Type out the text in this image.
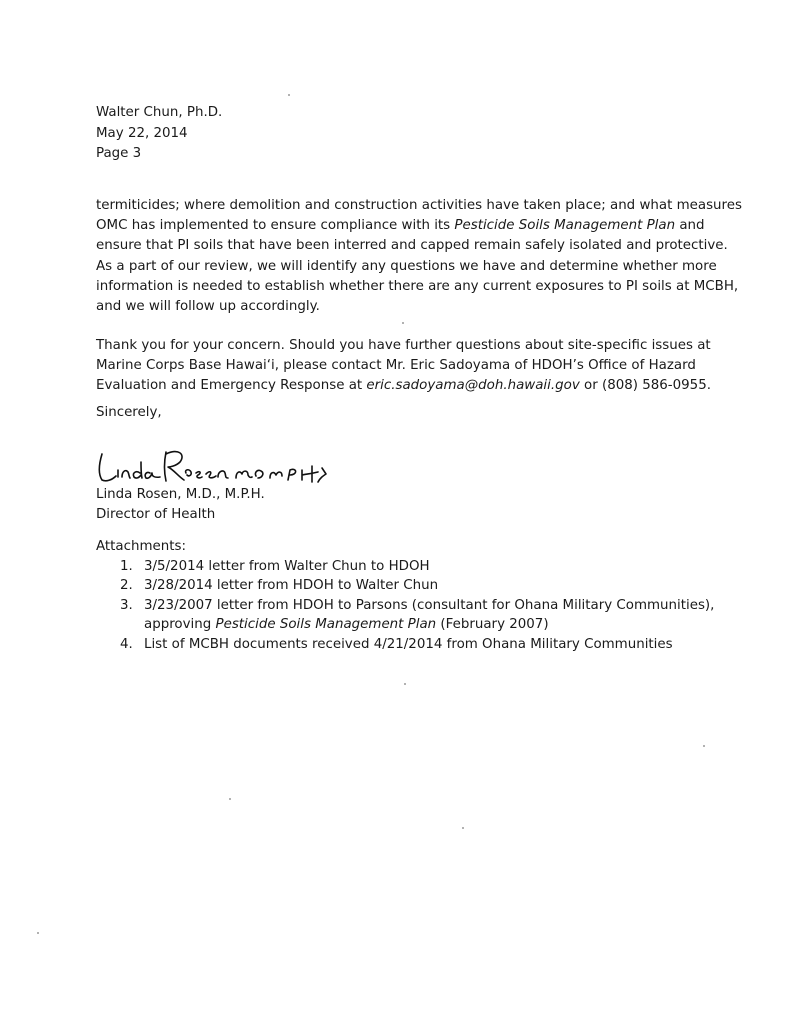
Walter Chun, Ph.D.
May 22, 2014
Page 3
termiticides; where demolition and construction activities have taken place; and what measures
OMC has implemented to ensure compliance with its Pesticide Soils Management Plan and
ensure that PI soils that have been interred and capped remain safely isolated and protective.
As a part of our review, we will identify any questions we have and determine whether more
information is needed to establish whether there are any current exposures to PI soils at MCBH,
and we will follow up accordingly.
Thank you for your concern. Should you have further questions about site-specific issues at
Marine Corps Base Hawai‘i, please contact Mr. Eric Sadoyama of HDOH’s Office of Hazard
Evaluation and Emergency Response at eric.sadoyama@doh.hawaii.gov or (808) 586-0955.
Sincerely,
Linda Rosen, M.D., M.P.H.
Director of Health
Attachments:
1. 3/5/2014 letter from Walter Chun to HDOH
2. 3/28/2014 letter from HDOH to Walter Chun
3. 3/23/2007 letter from HDOH to Parsons (consultant for Ohana Military Communities),
approving Pesticide Soils Management Plan (February 2007)
4. List of MCBH documents received 4/21/2014 from Ohana Military Communities
